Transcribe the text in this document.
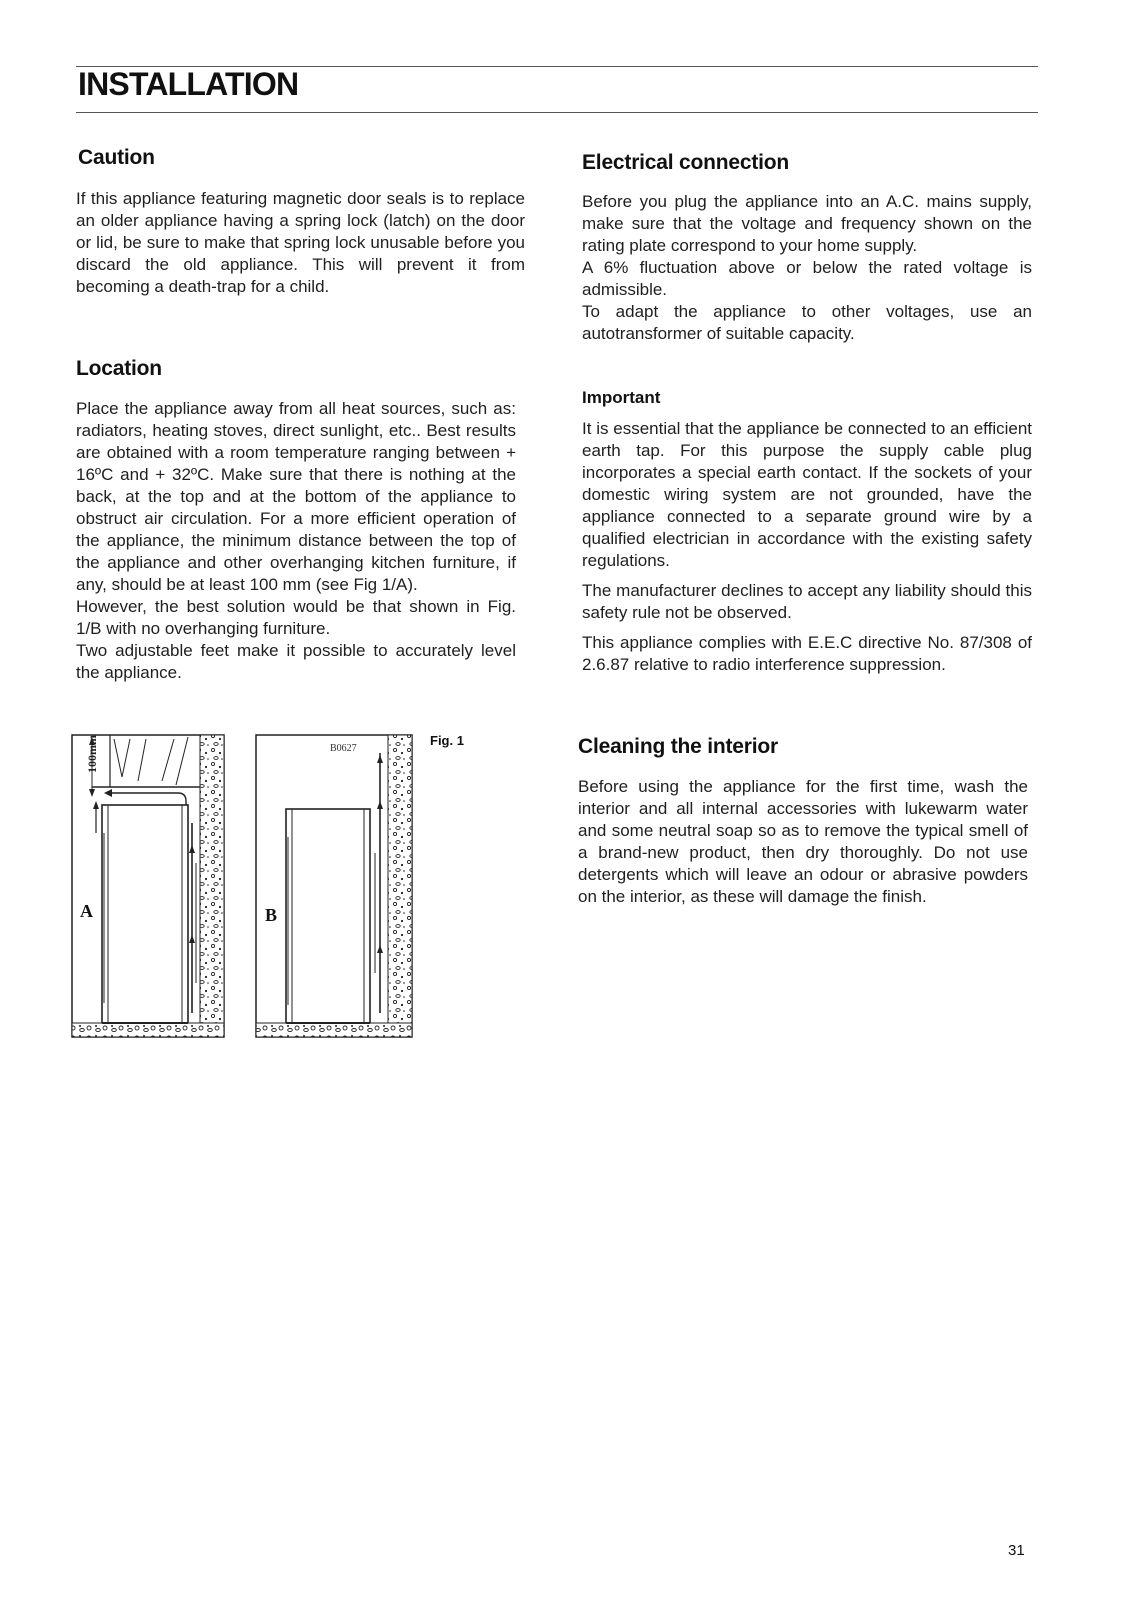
INSTALLATION
Caution

If this appliance featuring magnetic door seals is to replace an older appliance having a spring lock (latch) on the door or lid, be sure to make that spring lock unusable before you discard the old appliance. This will prevent it from becoming a death-trap for a child.

Location

Place the appliance away from all heat sources, such as: radiators, heating stoves, direct sunlight, etc.. Best results are obtained with a room temperature ranging between + 16ºC and + 32ºC. Make sure that there is nothing at the back, at the top and at the bottom of the appliance to obstruct air circulation. For a more efficient operation of the appliance, the minimum distance between the top of the appliance and other overhanging kitchen furniture, if any, should be at least 100 mm (see Fig 1/A).

However, the best solution would be that shown in Fig. 1/B with no overhanging furniture.

Two adjustable feet make it possible to accurately level the appliance.

100mm min.
A	B
B0627
Fig. 1
Electrical connection

Before you plug the appliance into an A.C. mains supply, make sure that the voltage and frequency shown on the rating plate correspond to your home supply.

A 6% fluctuation above or below the rated voltage is admissible.

To adapt the appliance to other voltages, use an autotransformer of suitable capacity.

Important

It is essential that the appliance be connected to an efficient earth tap. For this purpose the supply cable plug incorporates a special earth contact. If the sockets of your domestic wiring system are not grounded, have the appliance connected to a separate ground wire by a qualified electrician in accordance with the existing safety regulations.

The manufacturer declines to accept any liability should this safety rule not be observed.

This appliance complies with E.E.C directive No. 87/308 of 2.6.87 relative to radio interference suppression.

Cleaning the interior

Before using the appliance for the first time, wash the interior and all internal accessories with lukewarm water and some neutral soap so as to remove the typical smell of a brand-new product, then dry thoroughly. Do not use detergents which will leave an odour or abrasive powders on the interior, as these will damage the finish.

31
